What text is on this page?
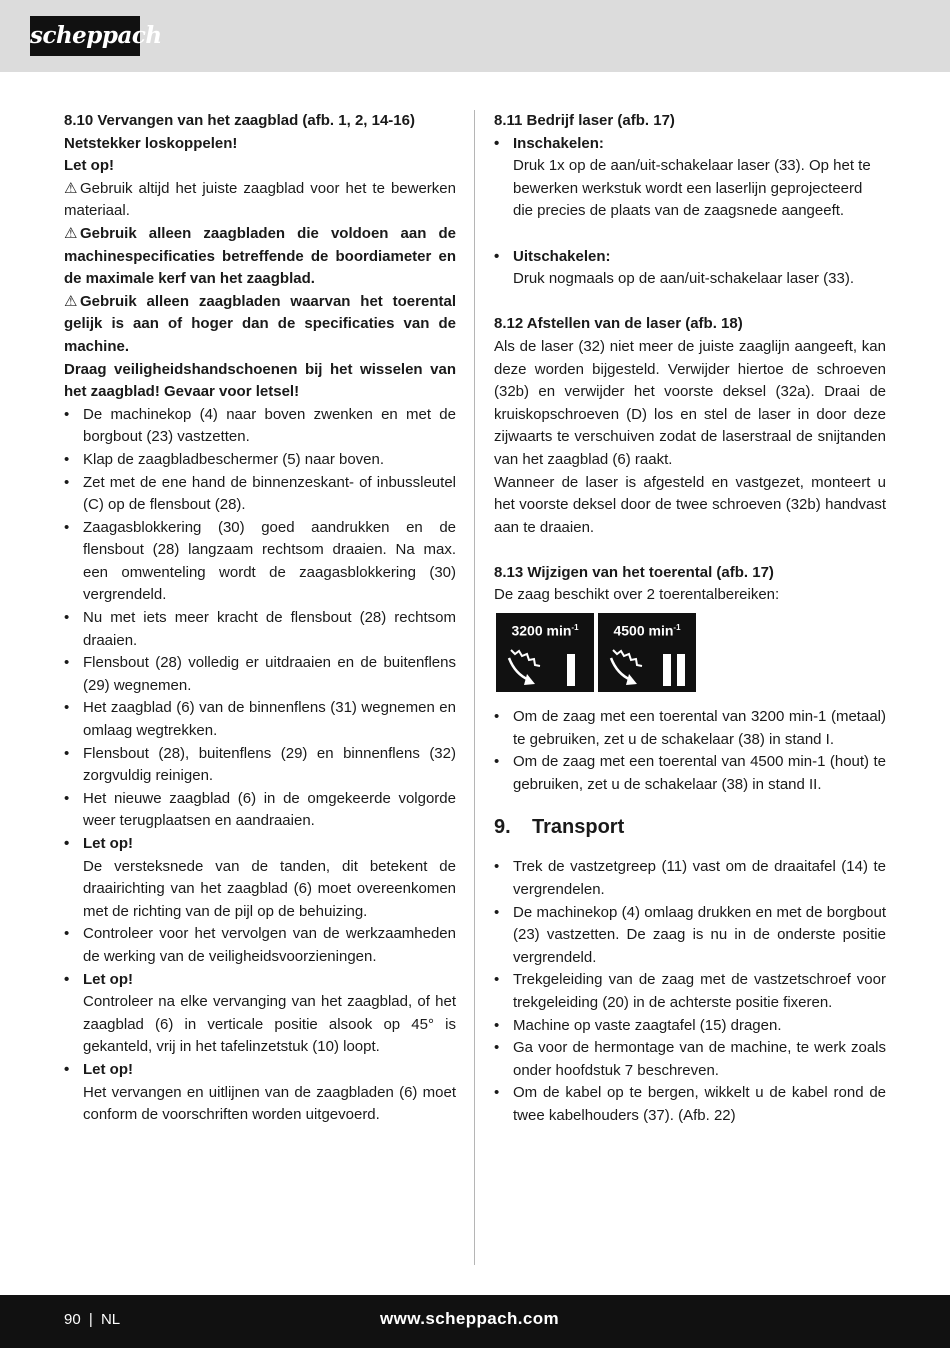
scheppach

8.10 Vervangen van het zaagblad (afb. 1, 2, 14-16)

Netstekker loskoppelen!

Let op!

⚠ Gebruik altijd het juiste zaagblad voor het te bewerken materiaal.

⚠ Gebruik alleen zaagbladen die voldoen aan de machinespecificaties betreffende de boordiameter en de maximale kerf van het zaagblad.

⚠ Gebruik alleen zaagbladen waarvan het toerental gelijk is aan of hoger dan de specificaties van de machine.

Draag veiligheidshandschoenen bij het wisselen van het zaagblad! Gevaar voor letsel!

• De machinekop (4) naar boven zwenken en met de borgbout (23) vastzetten.
• Klap de zaagbladbeschermer (5) naar boven.
• Zet met de ene hand de binnenzeskant- of inbussleutel (C) op de flensbout (28).
• Zaagasblokkering (30) goed aandrukken en de flensbout (28) langzaam rechtsom draaien. Na max. een omwenteling wordt de zaagasblokkering (30) vergrendeld.
• Nu met iets meer kracht de flensbout (28) rechtsom draaien.
• Flensbout (28) volledig er uitdraaien en de buitenflens (29) wegnemen.
• Het zaagblad (6) van de binnenflens (31) wegnemen en omlaag wegtrekken.
• Flensbout (28), buitenflens (29) en binnenflens (32) zorgvuldig reinigen.
• Het nieuwe zaagblad (6) in de omgekeerde volgorde weer terugplaatsen en aandraaien.
• Let op!
De versteksnede van de tanden, dit betekent de draairichting van het zaagblad (6) moet overeenkomen met de richting van de pijl op de behuizing.
• Controleer voor het vervolgen van de werkzaamheden de werking van de veiligheidsvoorzieningen.
• Let op!
Controleer na elke vervanging van het zaagblad, of het zaagblad (6) in verticale positie alsook op 45° is gekanteld, vrij in het tafelinzetstuk (10) loopt.
• Let op!
Het vervangen en uitlijnen van de zaagbladen (6) moet conform de voorschriften worden uitgevoerd.

8.11 Bedrijf laser (afb. 17)

• Inschakelen:
Druk 1x op de aan/uit-schakelaar laser (33). Op het te bewerken werkstuk wordt een laserlijn geprojecteerd die precies de plaats van de zaagsnede aangeeft.
• Uitschakelen:
Druk nogmaals op de aan/uit-schakelaar laser (33).

8.12 Afstellen van de laser (afb. 18)

Als de laser (32) niet meer de juiste zaaglijn aangeeft, kan deze worden bijgesteld. Verwijder hiertoe de schroeven (32b) en verwijder het voorste deksel (32a). Draai de kruiskopschroeven (D) los en stel de laser in door deze zijwaarts te verschuiven zodat de laserstraal de snijtanden van het zaagblad (6) raakt.

Wanneer de laser is afgesteld en vastgezet, monteert u het voorste deksel door de twee schroeven (32b) handvast aan te draaien.

8.13 Wijzigen van het toerental (afb. 17)

De zaag beschikt over 2 toerentalbereiken:

3200 $\min^{-1}$	4500 $\min^{-1}$
• Om de zaag met een toerental van 3200 min-1 (metaal) te gebruiken, zet u de schakelaar (38) in stand I.
• Om de zaag met een toerental van 4500 min-1 (hout) te gebruiken, zet u de schakelaar (38) in stand II.
9. Transport
• Trek de vastzetgreep (11) vast om de draaitafel (14) te vergrendelen.
• De machinekop (4) omlaag drukken en met de borgbout (23) vastzetten. De zaag is nu in de onderste positie vergrendeld.
• Trekgeleiding van de zaag met de vastzetschroef voor trekgeleiding (20) in de achterste positie fixeren.
• Machine op vaste zaagtafel (15) dragen.
• Ga voor de hermontage van de machine, te werk zoals onder hoofdstuk 7 beschreven.
• Om de kabel op te bergen, wikkelt u de kabel rond de twee kabelhouders (37). (Afb. 22)
90 | NL	www.scheppach.com
